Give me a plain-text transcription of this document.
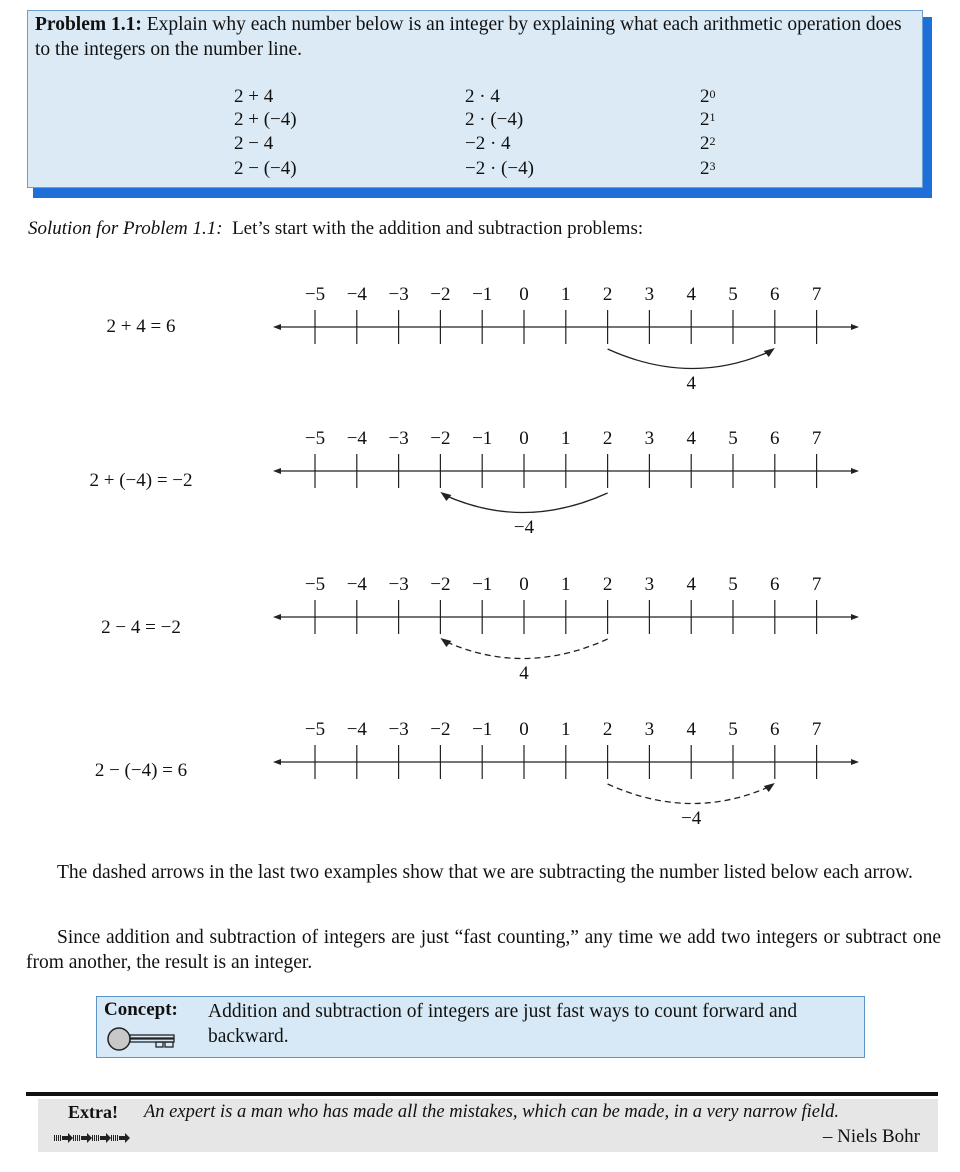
Problem 1.1: Explain why each number below is an integer by explaining what each arithmetic operation does to the integers on the number line.
2 + 4
2 + (−4)
2 − 4
2 − (−4)
2 · 4
2 · (−4)
−2 · 4
−2 · (−4)
$2^0$
$2^1$
$2^2$
$2^3$
Solution for Problem 1.1: Let’s start with the addition and subtraction problems:
2 + 4 = 6
2 + (−4) = −2
2 − 4 = −2
2 − (−4) = 6
−5 −4 −3 −2 −1 0 1 2 3 4 5 6 7
4
−5 −4 −3 −2 −1 0 1 2 3 4 5 6 7
−4
−5 −4 −3 −2 −1 0 1 2 3 4 5 6 7
4
−5 −4 −3 −2 −1 0 1 2 3 4 5 6 7
−4
The dashed arrows in the last two examples show that we are subtracting the number listed below each arrow.
Since addition and subtraction of integers are just “fast counting,” any time we add two integers or subtract one from another, the result is an integer.
Concept: Addition and subtraction of integers are just fast ways to count forward and backward.
Extra! An expert is a man who has made all the mistakes, which can be made, in a very narrow field.
– Niels Bohr
